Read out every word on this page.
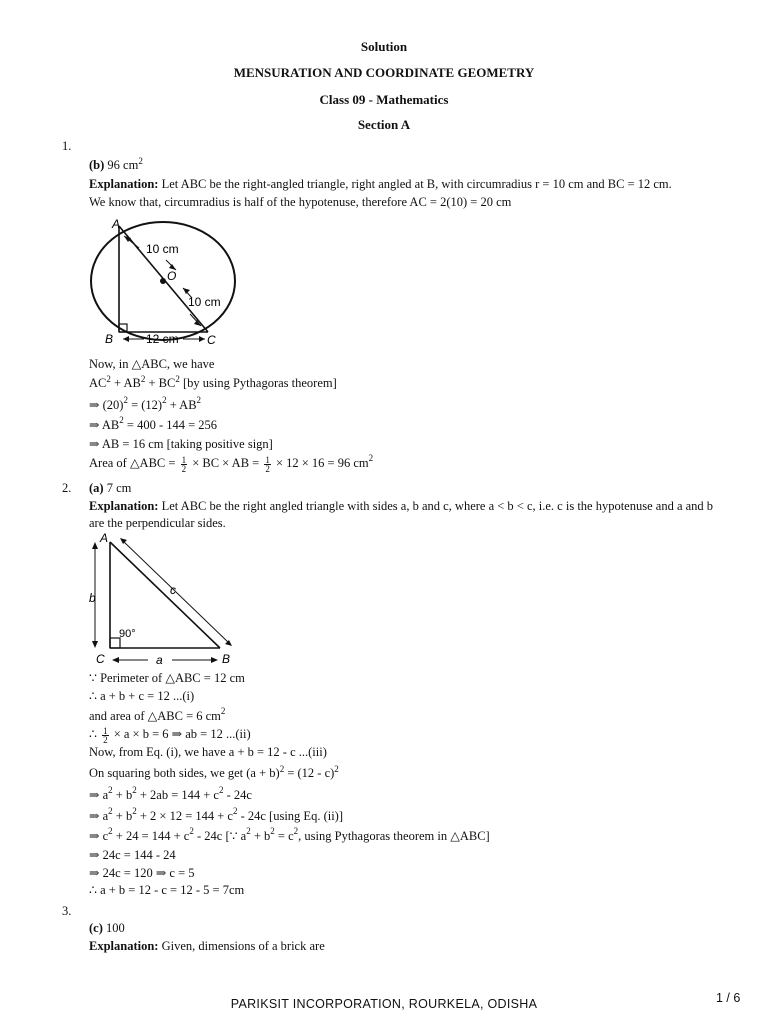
Solution
MENSURATION AND COORDINATE GEOMETRY
Class 09 - Mathematics
Section A
1.
(b) 96 $cm^2$
Explanation: Let ABC be the right-angled triangle, right angled at B, with circumradius r = 10 cm and BC = 12 cm.
We know that, circumradius is half of the hypotenuse, therefore AC = 2(10) = 20 cm
A
B	C
O
10 cm
10 cm
12 cm
Now, in △ABC, we have
$AC^2 + AB^2 + BC^2$ [by using Pythagoras theorem]
⇒ $(20)^2 = (12)^2 + AB^2$
⇒ $AB^2 = 400 - 144 = 256$
⇒ AB = 16 cm [taking positive sign]
Area of △ABC = $\frac{1}{2}$ × BC × AB = $\frac{1}{2} \times 12 \times 16 = 96$ $cm^2$
2. (a) 7 cm
Explanation: Let ABC be the right angled triangle with sides a, b and c, where a < b < c, i.e. c is the hypotenuse and a and b are the perpendicular sides.
A
C	B
b
a
c
90°
∵ Perimeter of △ABC = 12 cm
∴ a + b + c = 12 ...(i)
and area of △ABC = 6 $cm^2$
∴ $\frac{1}{2} \times a \times b = 6$ ⇒ ab = 12 ...(ii)
Now, from Eq. (i), we have a + b = 12 - c ...(iii)
On squaring both sides, we get $(a + b)^2 = (12 - c)^2$
⇒ $a^2 + b^2 + 2ab = 144 + c^2 - 24c$
⇒ $a^2 + b^2 + 2 \times 12 = 144 + c^2 - 24c$ [using Eq. (ii)]
⇒ $c^2 + 24 = 144 + c^2 - 24c$ [∵ $a^2 + b^2 = c^2$, using Pythagoras theorem in △ABC]
⇒ 24c = 144 - 24
⇒ 24c = 120 ⇒ c = 5
∴ a + b = 12 - c = 12 - 5 = 7cm
3.
(c) 100
Explanation: Given, dimensions of a brick are
PARIKSIT INCORPORATION, ROURKELA, ODISHA	1 / 6
